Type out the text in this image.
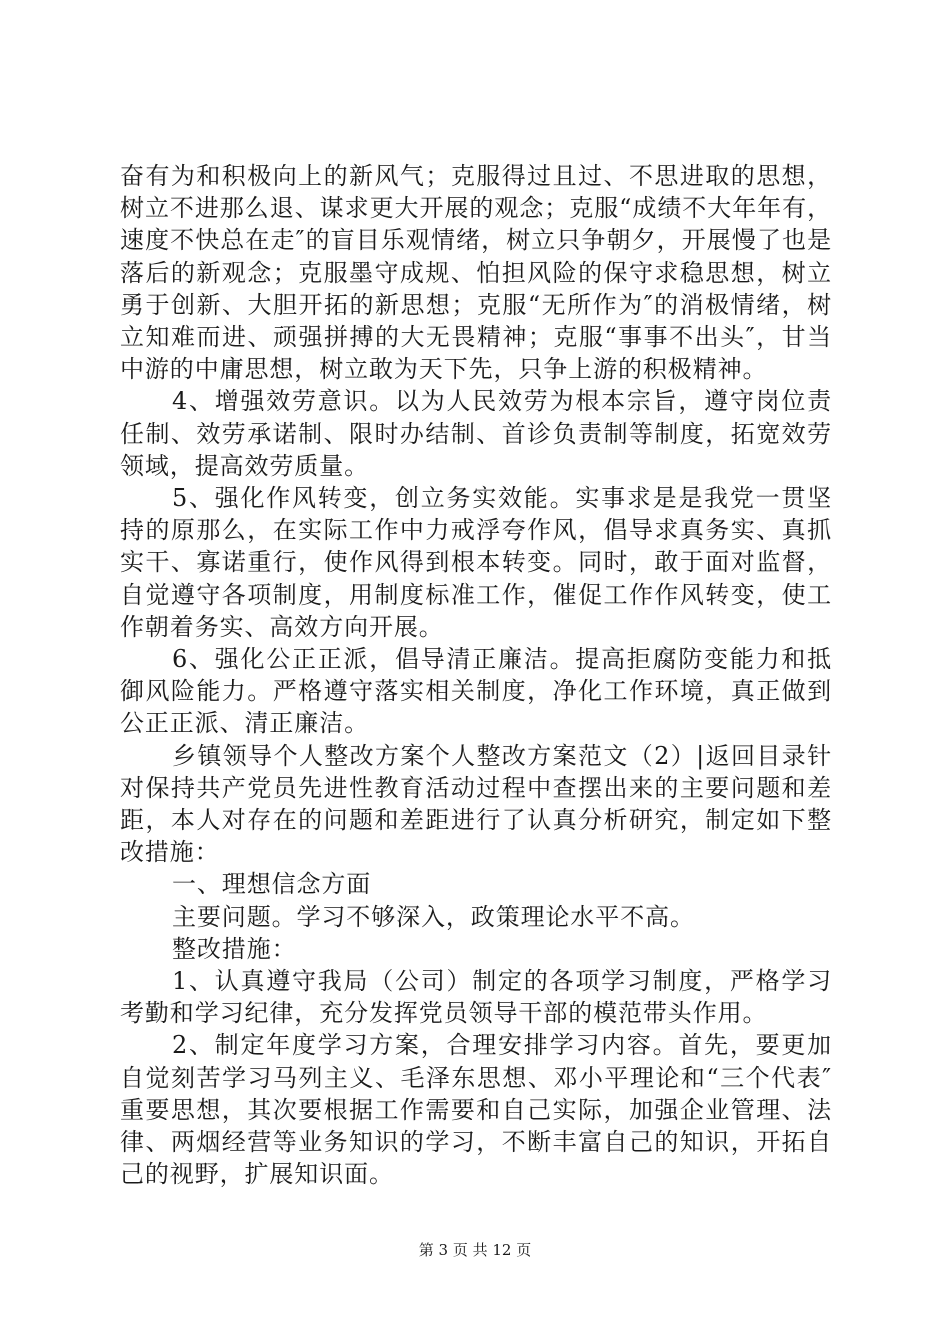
奋有为和积极向上的新风气；克服得过且过、不思进取的思想，树立不进那么退、谋求更大开展的观念；克服“成绩不大年年有，速度不快总在走″的盲目乐观情绪，树立只争朝夕，开展慢了也是落后的新观念；克服墨守成规、怕担风险的保守求稳思想，树立勇于创新、大胆开拓的新思想；克服“无所作为″的消极情绪，树立知难而进、顽强拼搏的大无畏精神；克服“事事不出头″，甘当中游的中庸思想，树立敢为天下先，只争上游的积极精神。

4、增强效劳意识。以为人民效劳为根本宗旨，遵守岗位责任制、效劳承诺制、限时办结制、首诊负责制等制度，拓宽效劳领域，提高效劳质量。

5、强化作风转变，创立务实效能。实事求是是我党一贯坚持的原那么，在实际工作中力戒浮夸作风，倡导求真务实、真抓实干、寡诺重行，使作风得到根本转变。同时，敢于面对监督，自觉遵守各项制度，用制度标准工作，催促工作作风转变，使工作朝着务实、高效方向开展。

6、强化公正正派，倡导清正廉洁。提高拒腐防变能力和抵御风险能力。严格遵守落实相关制度，净化工作环境，真正做到公正正派、清正廉洁。

乡镇领导个人整改方案个人整改方案范文（2）|返回目录针对保持共产党员先进性教育活动过程中查摆出来的主要问题和差距，本人对存在的问题和差距进行了认真分析研究，制定如下整改措施：

一、理想信念方面

主要问题。学习不够深入，政策理论水平不高。

整改措施：

1、认真遵守我局（公司）制定的各项学习制度，严格学习考勤和学习纪律，充分发挥党员领导干部的模范带头作用。

2、制定年度学习方案，合理安排学习内容。首先，要更加自觉刻苦学习马列主义、毛泽东思想、邓小平理论和“三个代表″重要思想，其次要根据工作需要和自己实际，加强企业管理、法律、两烟经营等业务知识的学习，不断丰富自己的知识，开拓自己的视野，扩展知识面。

第 3 页 共 12 页
